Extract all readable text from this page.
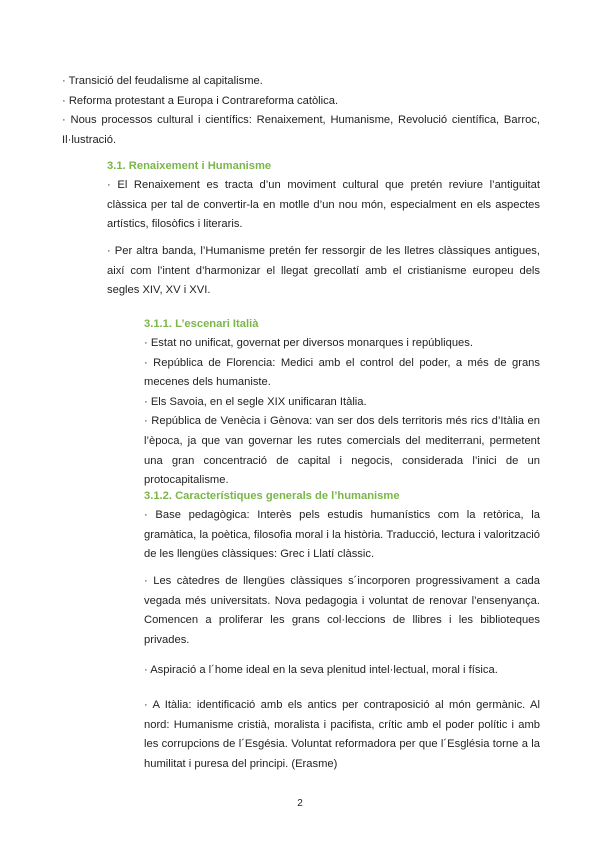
· Transició del feudalisme al capitalisme.
· Reforma protestant a Europa i Contrareforma catòlica.
· Nous processos cultural i científics: Renaixement, Humanisme, Revolució científica, Barroc, Il·lustració.
3.1. Renaixement i Humanisme
· El Renaixement es tracta d’un moviment cultural que pretén reviure l’antiguitat clàssica per tal de convertir-la en motlle d’un nou món, especialment en els aspectes artístics, filosòfics i literaris.
· Per altra banda, l’Humanisme pretén fer ressorgir de les lletres clàssiques antigues, així com l’intent d’harmonizar el llegat grecollatí amb el cristianisme europeu dels segles XIV, XV i XVI.
3.1.1. L’escenari Italià
· Estat no unificat, governat per diversos monarques i repúbliques.
· República de Florencia: Medici amb el control del poder, a més de grans mecenes dels humaniste.
· Els Savoia, en el segle XIX unificaran Itàlia.
· República de Venècia i Gènova: van ser dos dels territoris més rics d’Itàlia en l’època, ja que van governar les rutes comercials del mediterrani, permetent una gran concentració de capital i negocis, considerada l’inici de un protocapitalisme.
3.1.2. Característiques generals de l’humanisme
· Base pedagògica: Interès pels estudis humanístics com la retòrica, la gramàtica, la poètica, filosofia moral i la història. Traducció, lectura i valorització de les llengües clàssiques: Grec i Llatí clàssic.
· Les càtedres de llengües clàssiques s´incorporen progressivament a cada vegada més universitats. Nova pedagogia i voluntat de renovar l’ensenyança. Comencen a proliferar les grans col·leccions de llibres i les biblioteques privades.
· Aspiració a l´home ideal en la seva plenitud intel·lectual, moral i física.
· A Itàlia: identificació amb els antics per contraposició al món germànic. Al nord: Humanisme cristià, moralista i pacifista, crític amb el poder polític i amb les corrupcions de l´Esgésia. Voluntat reformadora per que l´Església torne a la humilitat i puresa del principi. (Erasme)
2
